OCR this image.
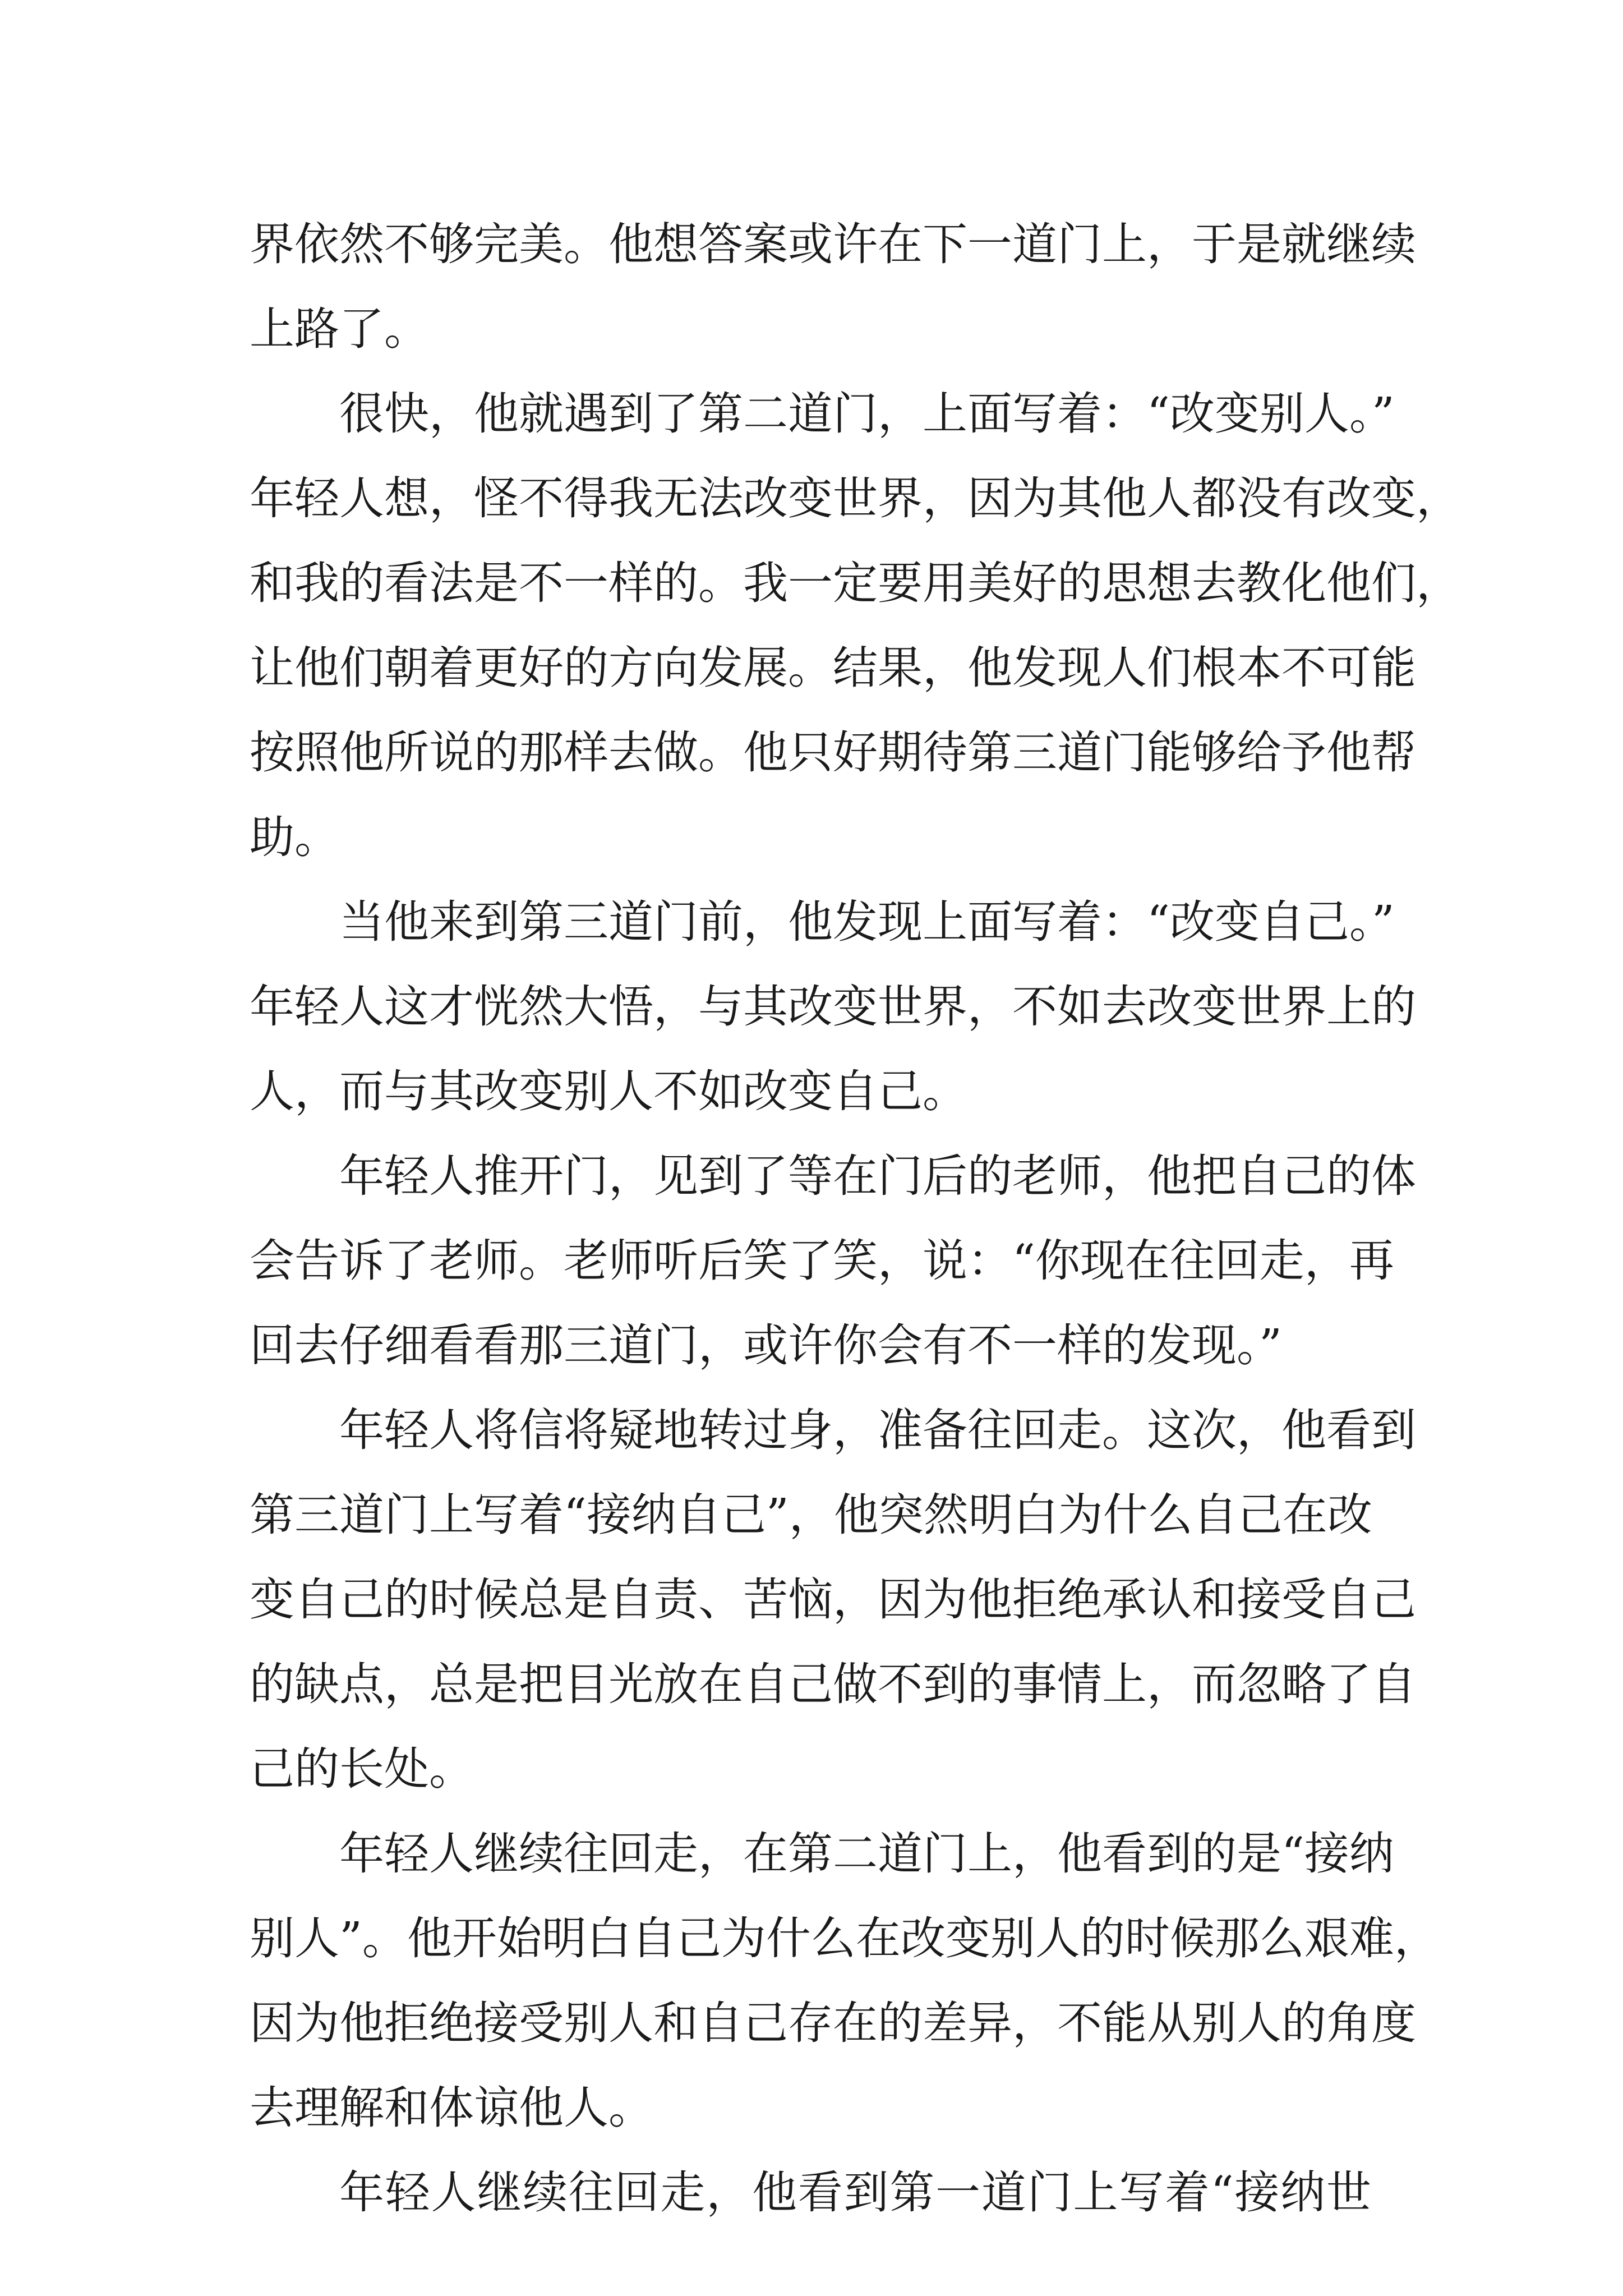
界依然不够完美。他想答案或许在下一道门上，于是就继续
上路了。
很快，他就遇到了第二道门，上面写着：“改变别人。”
年轻人想，怪不得我无法改变世界，因为其他人都没有改变，
和我的看法是不一样的。我一定要用美好的思想去教化他们，
让他们朝着更好的方向发展。结果，他发现人们根本不可能
按照他所说的那样去做。他只好期待第三道门能够给予他帮
助。
当他来到第三道门前，他发现上面写着：“改变自己。”
年轻人这才恍然大悟，与其改变世界，不如去改变世界上的
人，而与其改变别人不如改变自己。
年轻人推开门，见到了等在门后的老师，他把自己的体
会告诉了老师。老师听后笑了笑，说：“你现在往回走，再
回去仔细看看那三道门，或许你会有不一样的发现。”
年轻人将信将疑地转过身，准备往回走。这次，他看到
第三道门上写着“接纳自己”，他突然明白为什么自己在改
变自己的时候总是自责、苦恼，因为他拒绝承认和接受自己
的缺点，总是把目光放在自己做不到的事情上，而忽略了自
己的长处。
年轻人继续往回走，在第二道门上，他看到的是“接纳
别人”。他开始明白自己为什么在改变别人的时候那么艰难，
因为他拒绝接受别人和自己存在的差异，不能从别人的角度
去理解和体谅他人。
年轻人继续往回走，他看到第一道门上写着“接纳世
